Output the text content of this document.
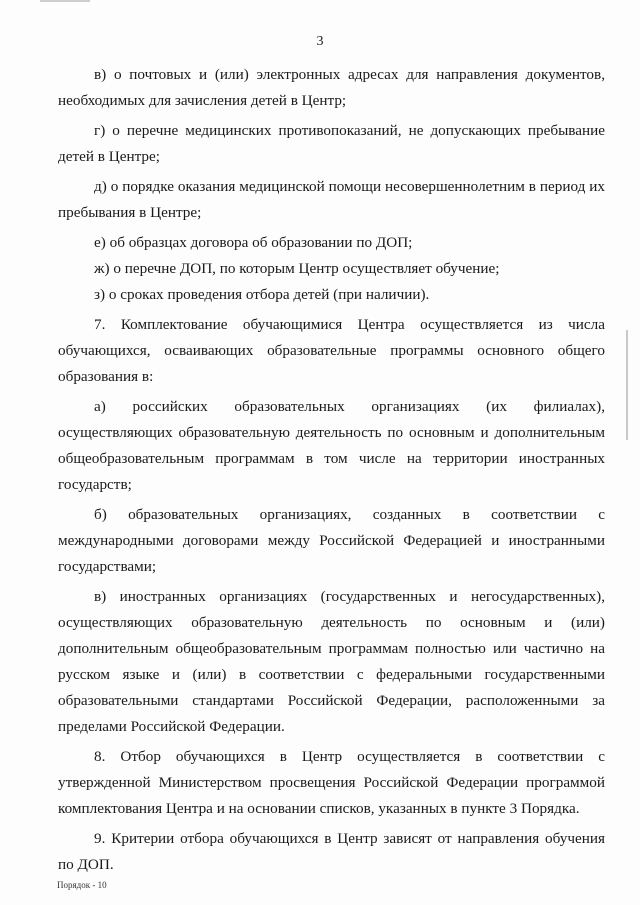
3

в) о почтовых и (или) электронных адресах для направления документов, необходимых для зачисления детей в Центр;

г) о перечне медицинских противопоказаний, не допускающих пребывание детей в Центре;

д) о порядке оказания медицинской помощи несовершеннолетним в период их пребывания в Центре;

е) об образцах договора об образовании по ДОП;

ж) о перечне ДОП, по которым Центр осуществляет обучение;

з) о сроках проведения отбора детей (при наличии).

7. Комплектование обучающимися Центра осуществляется из числа обучающихся, осваивающих образовательные программы основного общего образования в:

а) российских образовательных организациях (их филиалах), осуществляющих образовательную деятельность по основным и дополнительным общеобразовательным программам в том числе на территории иностранных государств;

б) образовательных организациях, созданных в соответствии с международными договорами между Российской Федерацией и иностранными государствами;

в) иностранных организациях (государственных и негосударственных), осуществляющих образовательную деятельность по основным и (или) дополнительным общеобразовательным программам полностью или частично на русском языке и (или) в соответствии с федеральными государственными образовательными стандартами Российской Федерации, расположенными за пределами Российской Федерации.

8. Отбор обучающихся в Центр осуществляется в соответствии с утвержденной Министерством просвещения Российской Федерации программой комплектования Центра и на основании списков, указанных в пункте 3 Порядка.

9. Критерии отбора обучающихся в Центр зависят от направления обучения по ДОП.

Порядок - 10
